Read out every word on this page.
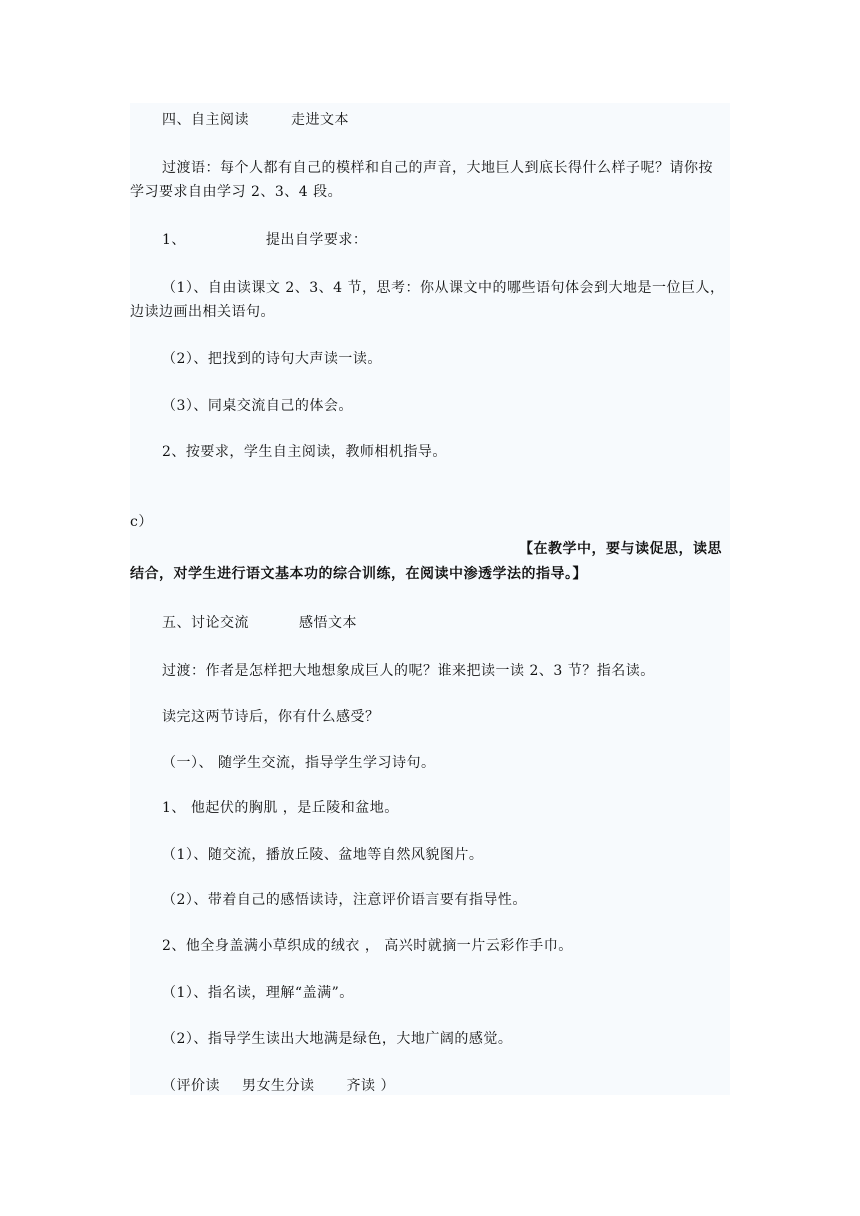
四、自主阅读	走进文本
过渡语：每个人都有自己的模样和自己的声音，大地巨人到底长得什么样子呢？请你按
学习要求自由学习 2、3、4 段。
1、	提出自学要求：
（1）、自由读课文 2、3、4 节，思考：你从课文中的哪些语句体会到大地是一位巨人，
边读边画出相关语句。
（2）、把找到的诗句大声读一读。
（3）、同桌交流自己的体会。
2、按要求，学生自主阅读，教师相机指导。
c）
【在教学中，要与读促思，读思
结合，对学生进行语文基本功的综合训练，在阅读中渗透学法的指导。】
五、讨论交流	感悟文本
过渡：作者是怎样把大地想象成巨人的呢？谁来把读一读 2、3 节？指名读。
读完这两节诗后，你有什么感受？
（一）、 随学生交流，指导学生学习诗句。
1、 他起伏的胸肌 ，是丘陵和盆地。
（1）、随交流，播放丘陵、盆地等自然风貌图片。
（2）、带着自己的感悟读诗，注意评价语言要有指导性。
2、他全身盖满小草织成的绒衣 ， 高兴时就摘一片云彩作手巾。
（1）、指名读，理解“盖满”。
（2）、指导学生读出大地满是绿色，大地广阔的感觉。
（评价读 男女生分读 齐读 ）
